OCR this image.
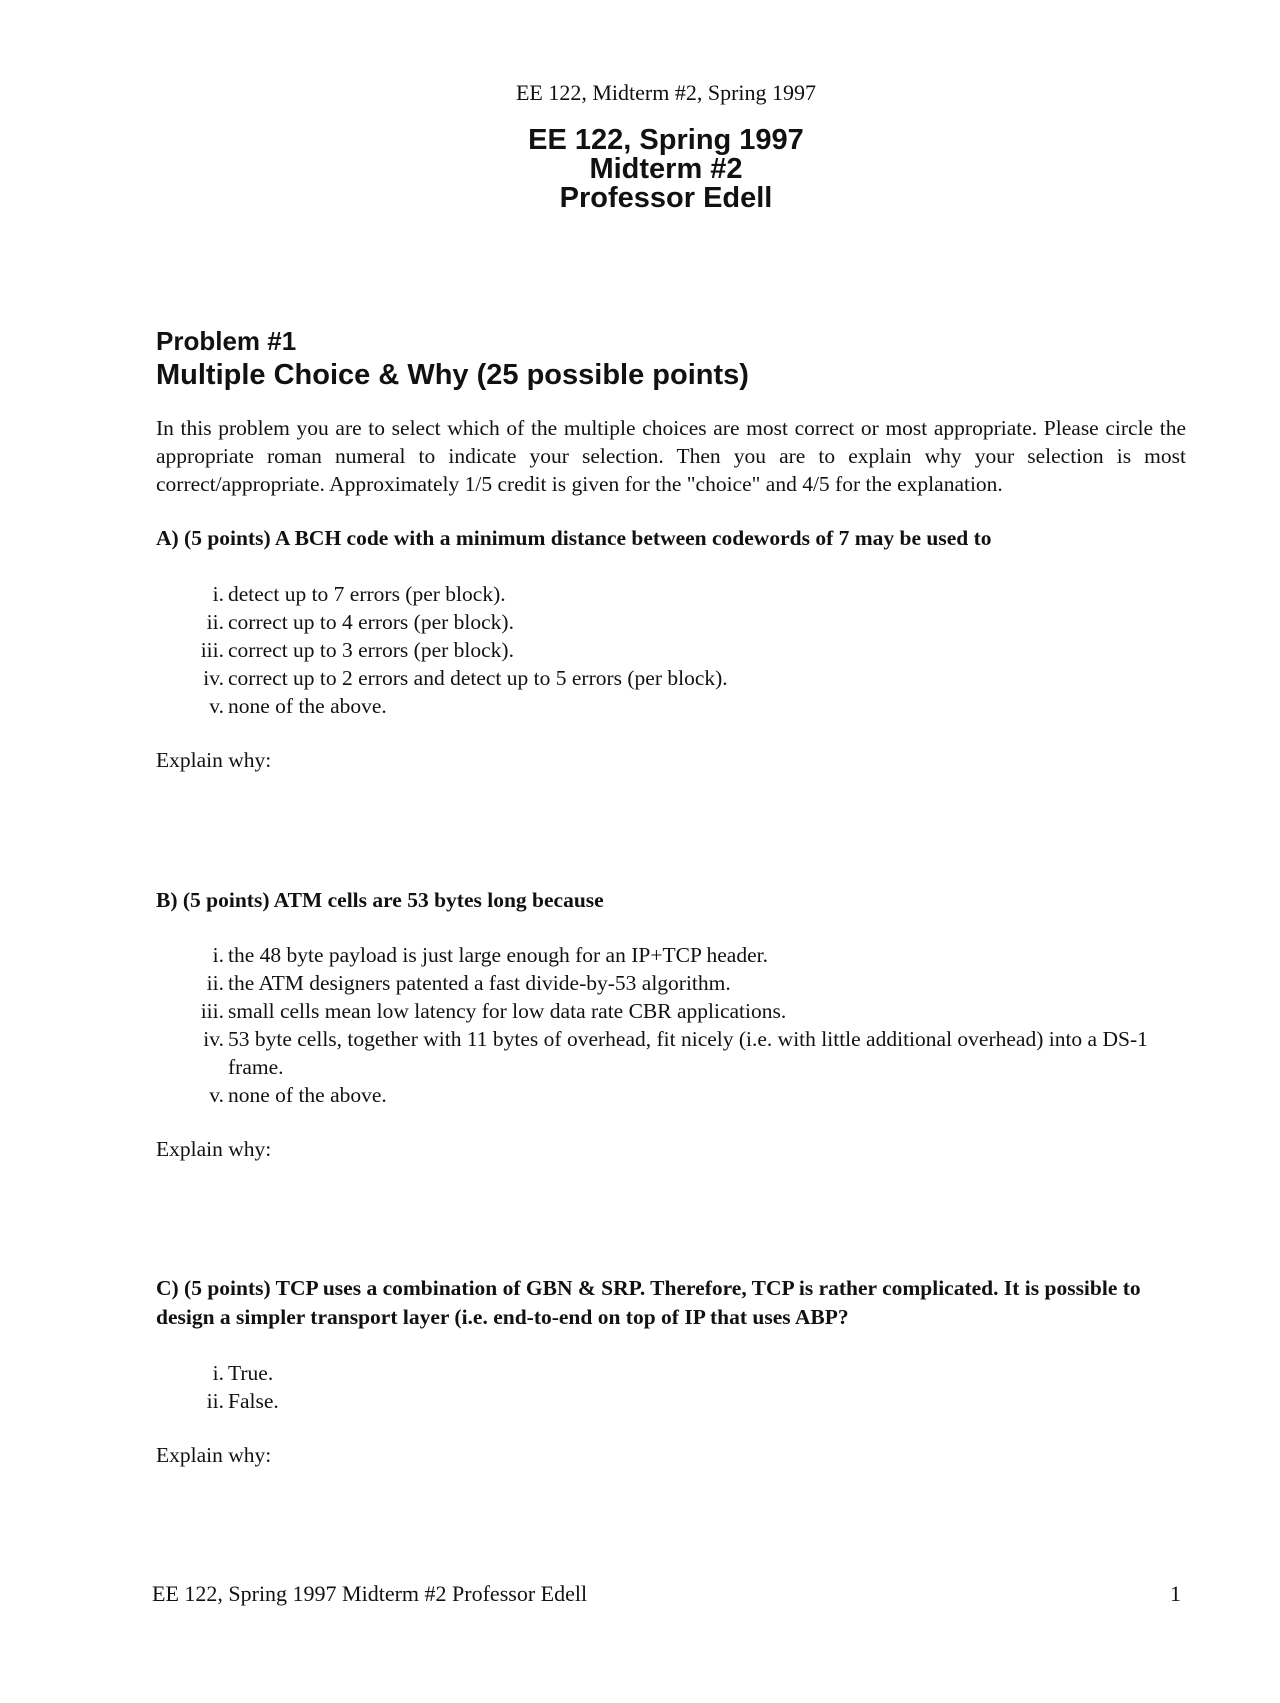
EE 122, Midterm #2, Spring 1997
EE 122, Spring 1997
Midterm #2
Professor Edell
Problem #1
Multiple Choice & Why (25 possible points)
In this problem you are to select which of the multiple choices are most correct or most appropriate. Please circle the appropriate roman numeral to indicate your selection. Then you are to explain why your selection is most correct/appropriate. Approximately 1/5 credit is given for the "choice" and 4/5 for the explanation.
A) (5 points) A BCH code with a minimum distance between codewords of 7 may be used to
i. detect up to 7 errors (per block).
ii. correct up to 4 errors (per block).
iii. correct up to 3 errors (per block).
iv. correct up to 2 errors and detect up to 5 errors (per block).
v. none of the above.
Explain why:
B) (5 points) ATM cells are 53 bytes long because
i. the 48 byte payload is just large enough for an IP+TCP header.
ii. the ATM designers patented a fast divide-by-53 algorithm.
iii. small cells mean low latency for low data rate CBR applications.
iv. 53 byte cells, together with 11 bytes of overhead, fit nicely (i.e. with little additional overhead) into a DS-1 frame.
v. none of the above.
Explain why:
C) (5 points) TCP uses a combination of GBN & SRP. Therefore, TCP is rather complicated. It is possible to design a simpler transport layer (i.e. end-to-end on top of IP that uses ABP?
i. True.
ii. False.
Explain why:
EE 122, Spring 1997 Midterm #2 Professor Edell	1
